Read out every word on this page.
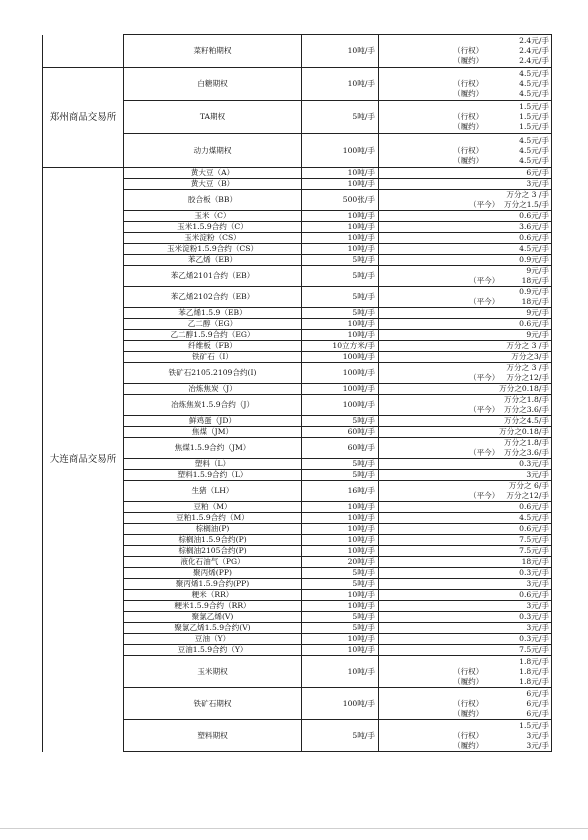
	菜籽粕期权	10吨/手	2.4元/手
（行权） 2.4元/手
（履约） 2.4元/手

郑州商品交易所	白糖期权	10吨/手	4.5元/手
（行权） 4.5元/手
（履约） 4.5元/手

	TA期权	5吨/手	1.5元/手
（行权） 1.5元/手
（履约） 1.5元/手

	动力煤期权	100吨/手	4.5元/手
（行权） 4.5元/手
（履约） 4.5元/手

大连商品交易所	黄大豆（A）	10吨/手	6元/手

	黄大豆（B）	10吨/手	3元/手

	胶合板（BB）	500张/手	万分之 3 /手
（平今） 万分之1.5/手

	玉米（C）	10吨/手	0.6元/手

	玉米1.5.9合约（C）	10吨/手	3.6元/手

	玉米淀粉（CS）	10吨/手	0.6元/手

	玉米淀粉1.5.9合约（CS）	10吨/手	4.5元/手

	苯乙烯（EB）	5吨/手	0.9元/手

	苯乙烯2101合约（EB）	5吨/手	9元/手
（平今） 18元/手

	苯乙烯2102合约（EB）	5吨/手	0.9元/手
（平今） 18元/手

	苯乙烯1.5.9（EB）	5吨/手	9元/手

	乙二醇（EG）	10吨/手	0.6元/手

	乙二醇1.5.9合约（EG）	10吨/手	9元/手

	纤维板（FB）	10立方米/手	万分之 3 /手

	铁矿石（I）	100吨/手	万分之3/手

	铁矿石2105.2109合约(I)	100吨/手	万分之 3 /手
（平今） 万分之12/手

	冶炼焦炭（J）	100吨/手	万分之0.18/手

	冶炼焦炭1.5.9合约（J）	100吨/手	万分之1.8/手
（平今） 万分之3.6/手

	鲜鸡蛋（JD）	5吨/手	万分之4.5/手

	焦煤（JM）	60吨/手	万分之0.18/手

	焦煤1.5.9合约（JM）	60吨/手	万分之1.8/手
（平今） 万分之3.6/手

	塑料（L）	5吨/手	0.3元/手

	塑料1.5.9合约（L）	5吨/手	3元/手

	生猪（LH）	16吨/手	万分之 6/手
（平今） 万分之12/手

	豆粕（M）	10吨/手	0.6元/手

	豆粕1.5.9合约（M）	10吨/手	4.5元/手

	棕榈油(P)	10吨/手	0.6元/手

	棕榈油1.5.9合约(P)	10吨/手	7.5元/手

	棕榈油2105合约(P)	10吨/手	7.5元/手

	液化石油气（PG）	20吨/手	18元/手

	聚丙烯(PP)	5吨/手	0.3元/手

	聚丙烯1.5.9合约(PP)	5吨/手	3元/手

	粳米（RR）	10吨/手	0.6元/手

	粳米1.5.9合约（RR）	10吨/手	3元/手

	聚氯乙烯(V)	5吨/手	0.3元/手

	聚氯乙烯1.5.9合约(V)	5吨/手	3元/手

	豆油（Y）	10吨/手	0.3元/手

	豆油1.5.9合约（Y）	10吨/手	7.5元/手

	玉米期权	10吨/手	1.8元/手
（行权） 1.8元/手
（履约） 1.8元/手

	铁矿石期权	100吨/手	6元/手
（行权） 6元/手
（履约） 6元/手

	塑料期权	5吨/手	1.5元/手
（行权） 3元/手
（履约） 3元/手
